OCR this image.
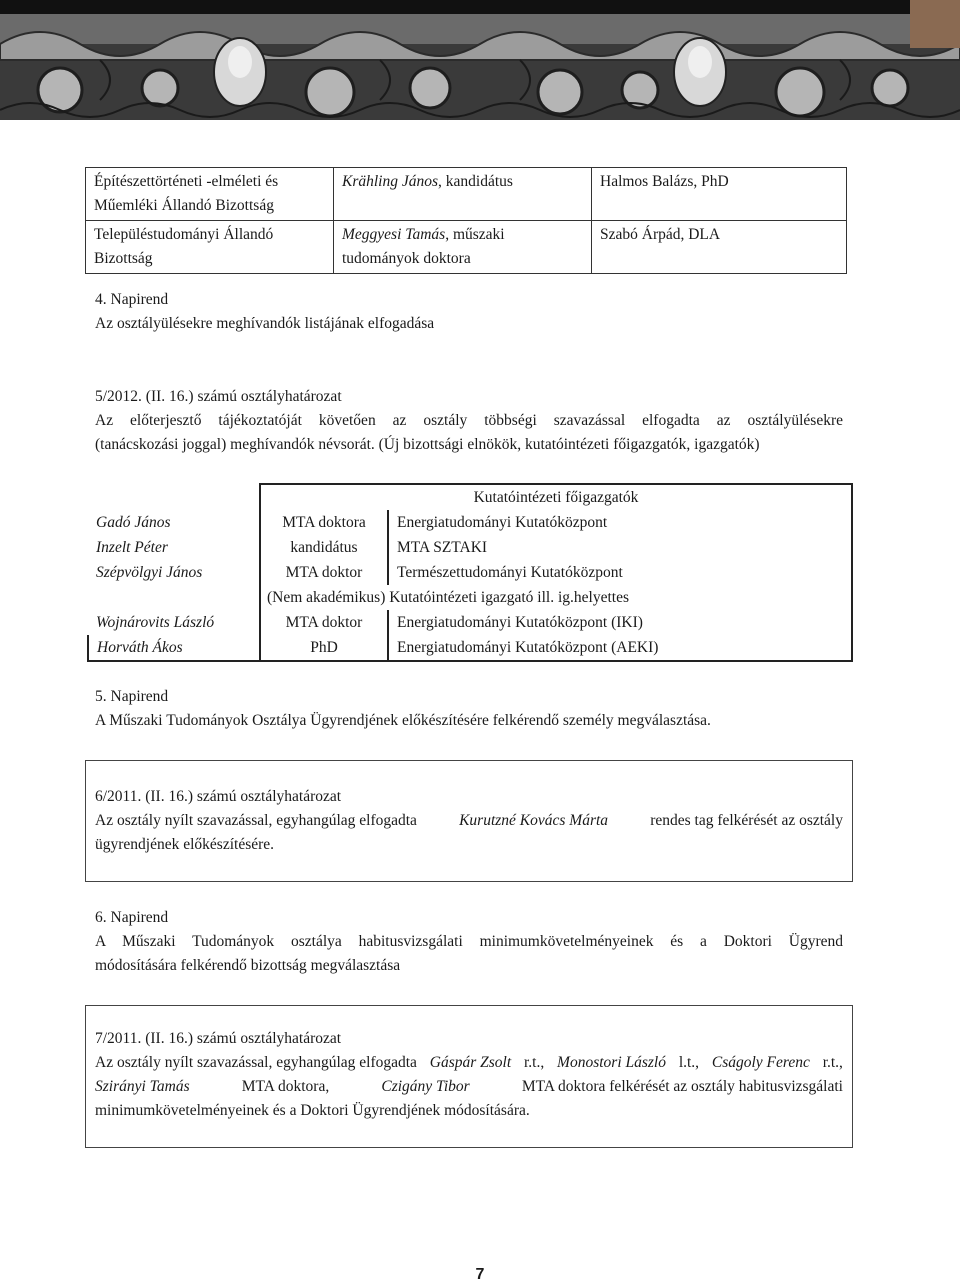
Építészettörténeti -elméleti és Műemléki Állandó Bizottság	Krähling János, kandidátus	Halmos Balázs, PhD
Településtudományi Állandó Bizottság	Meggyesi Tamás, műszaki tudományok doktora	Szabó Árpád, DLA
4. Napirend
Az osztályülésekre meghívandók listájának elfogadása
5/2012. (II. 16.) számú osztályhatározat
Az előterjesztő tájékoztatóját követően az osztály többségi szavazással elfogadta az osztályülésekre
(tanácskozási joggal) meghívandók névsorát. (Új bizottsági elnökök, kutatóintézeti főigazgatók, igazgatók)
	Kutatóintézeti főigazgatók	
Gadó János	MTA doktora	Energiatudományi Kutatóközpont
Inzelt Péter	kandidátus	MTA SZTAKI
Szépvölgyi János	MTA doktor	Természettudományi Kutatóközpont
	(Nem akadémikus) Kutatóintézeti igazgató ill. ig.helyettes	
Wojnárovits László	MTA doktor	Energiatudományi Kutatóközpont (IKI)
Horváth Ákos	PhD	Energiatudományi Kutatóközpont (AEKI)
5. Napirend
A Műszaki Tudományok Osztálya Ügyrendjének előkészítésére felkérendő személy megválasztása.
6/2011. (II. 16.) számú osztályhatározat
Az osztály nyílt szavazással, egyhangúlag elfogadta	Kurutzné Kovács Márta	rendes tag felkérését az osztály
ügyrendjének előkészítésére.
6. Napirend
A Műszaki Tudományok osztálya habitusvizsgálati minimumkövetelményeinek és a Doktori Ügyrend
módosítására felkérendő bizottság megválasztása
7/2011. (II. 16.) számú osztályhatározat
Az osztály nyílt szavazással, egyhangúlag elfogadta Gáspár Zsolt r.t., Monostori László l.t., Cságoly Ferenc r.t.,
Szirányi Tamás	MTA doktora,	Czigány Tibor	MTA doktora felkérését az osztály habitusvizsgálati
minimumkövetelményeinek és a Doktori Ügyrendjének módosítására.
7
